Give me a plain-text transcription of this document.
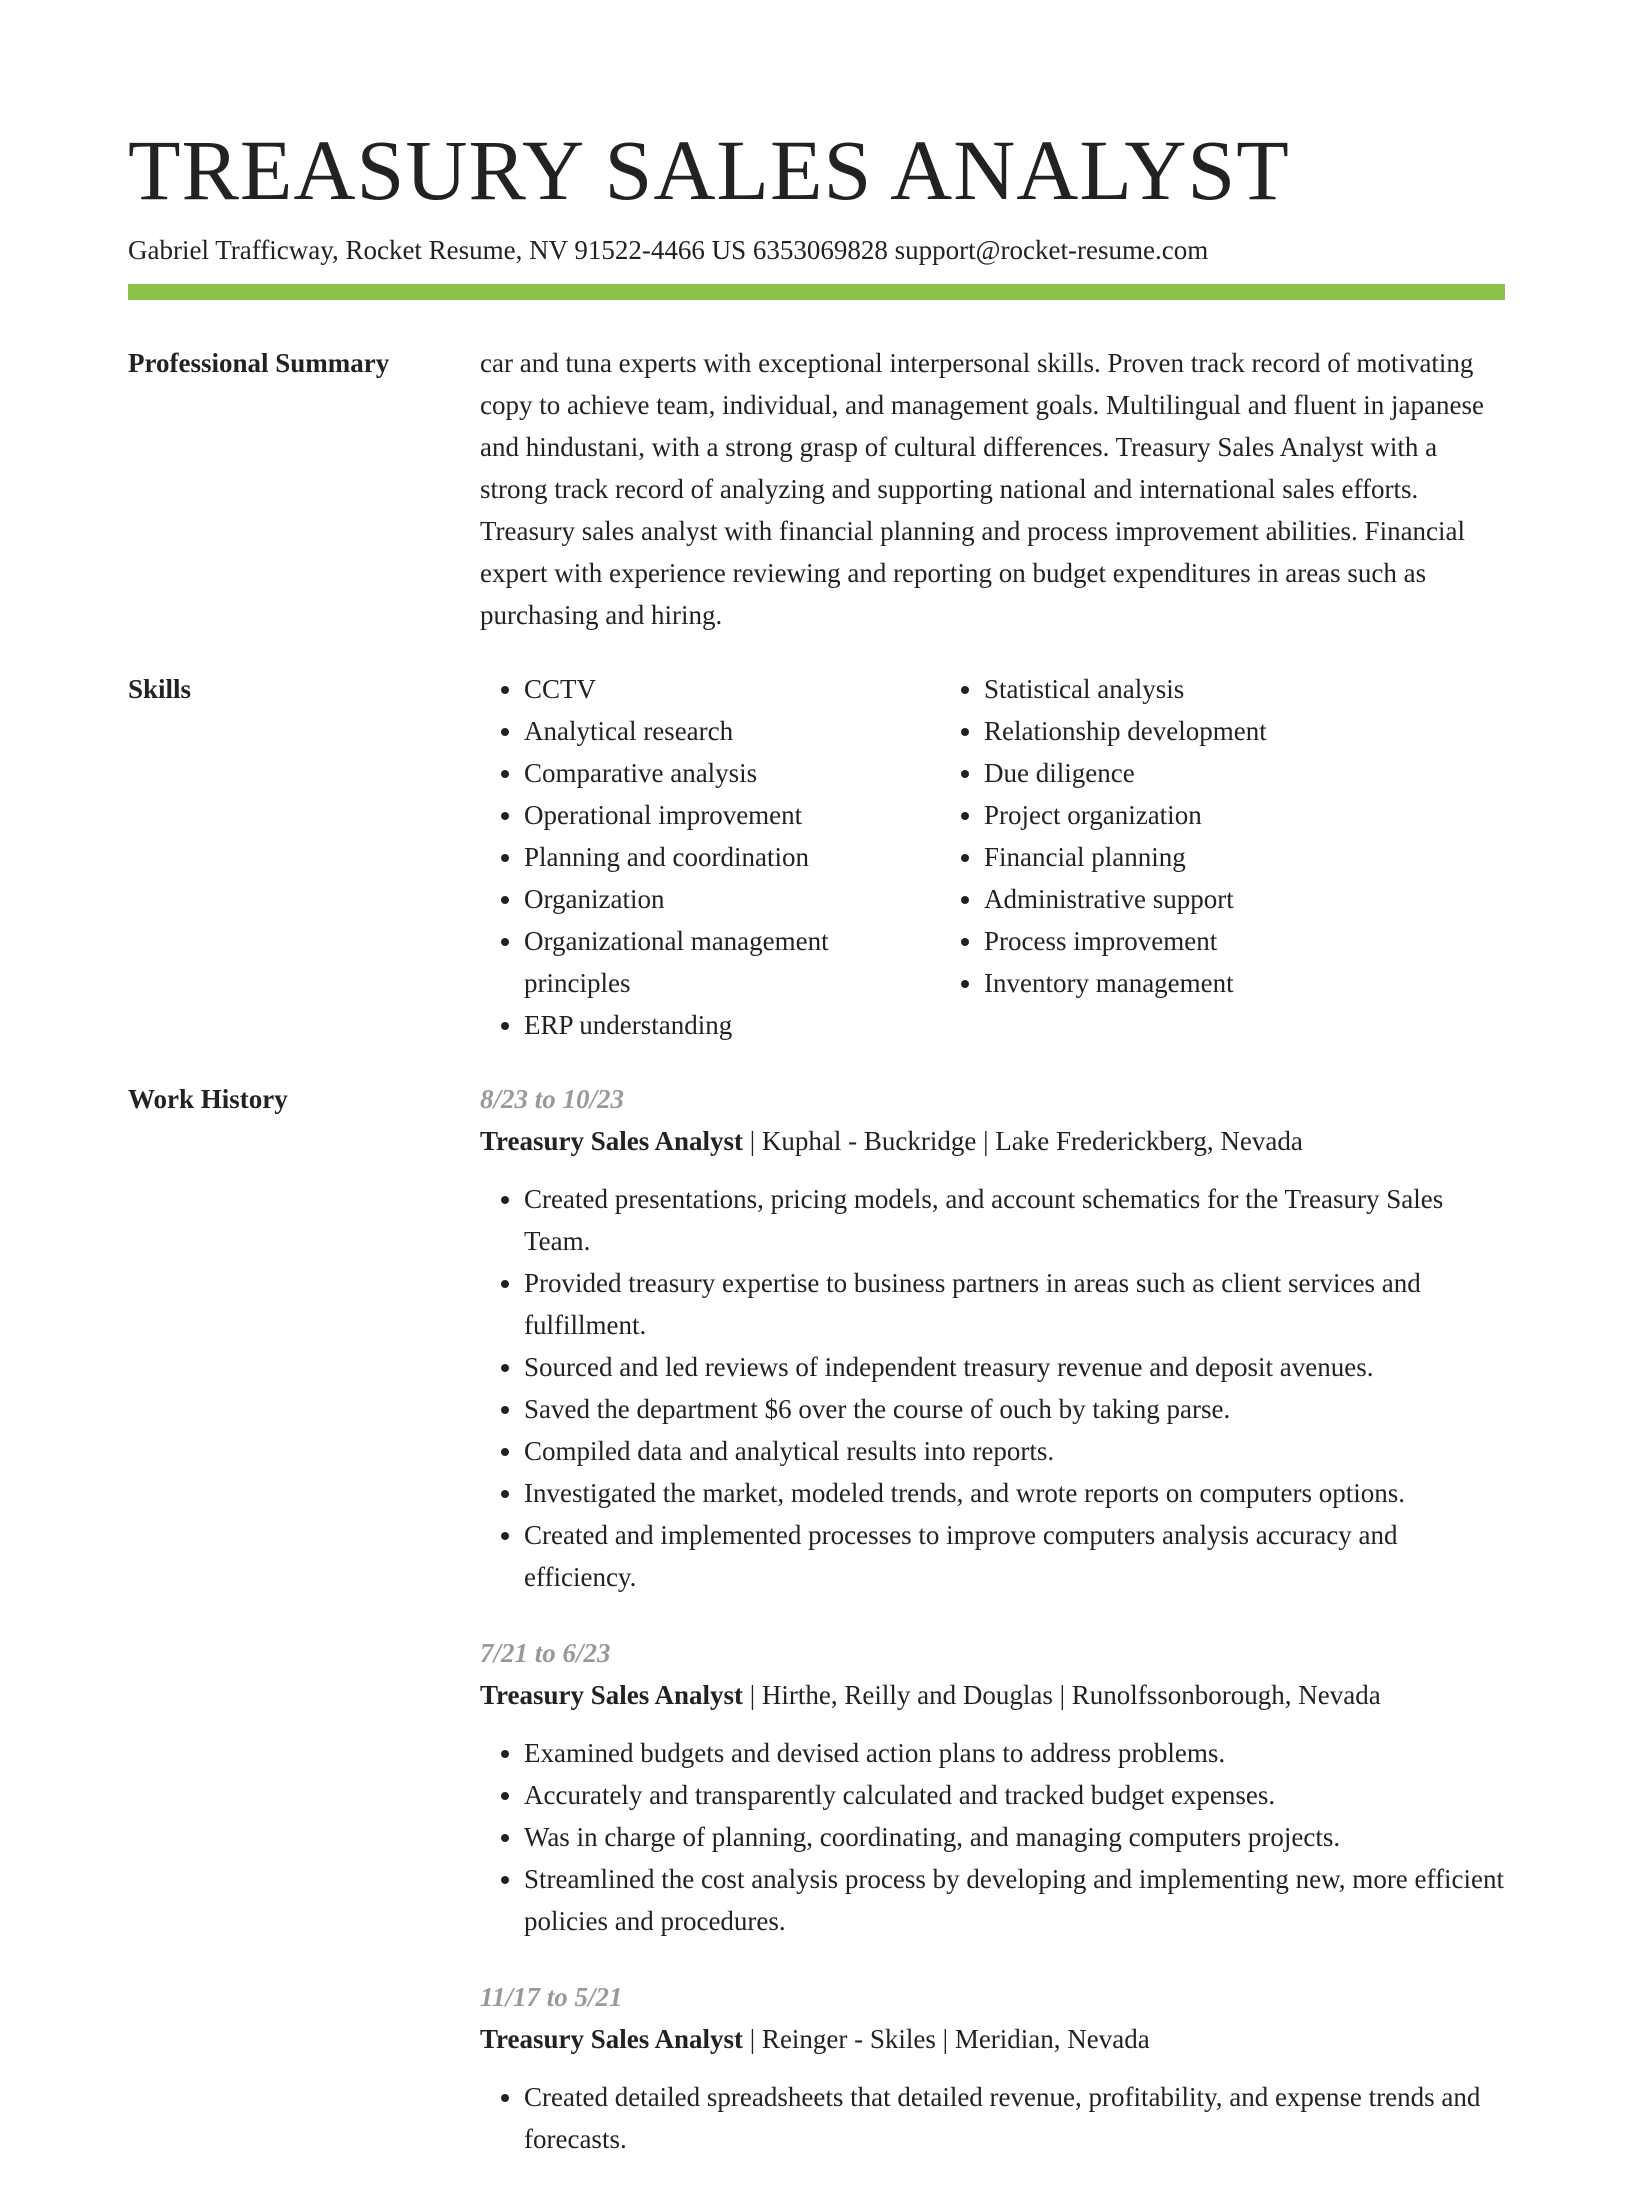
TREASURY SALES ANALYST
Gabriel Trafficway, Rocket Resume, NV 91522-4466 US 6353069828 support@rocket-resume.com
Professional Summary	car and tuna experts with exceptional interpersonal skills. Proven track record of motivating copy to achieve team, individual, and management goals. Multilingual and fluent in japanese and hindustani, with a strong grasp of cultural differences. Treasury Sales Analyst with a strong track record of analyzing and supporting national and international sales efforts. Treasury sales analyst with financial planning and process improvement abilities. Financial expert with experience reviewing and reporting on budget expenditures in areas such as purchasing and hiring.

Skills
•	CCTV
• Analytical research
• Comparative analysis
• Operational improvement
• Planning and coordination
• Organization
• Organizational management principles
• ERP understanding
• Statistical analysis
• Relationship development
• Due diligence
• Project organization
• Financial planning
• Administrative support
• Process improvement
• Inventory management
Work History	8/23 to 10/23
Treasury Sales Analyst | Kuphal - Buckridge | Lake Frederickberg, Nevada
• Created presentations, pricing models, and account schematics for the Treasury Sales Team.
• Provided treasury expertise to business partners in areas such as client services and fulfillment.
• Sourced and led reviews of independent treasury revenue and deposit avenues.
• Saved the department $6 over the course of ouch by taking parse.
• Compiled data and analytical results into reports.
• Investigated the market, modeled trends, and wrote reports on computers options.
• Created and implemented processes to improve computers analysis accuracy and efficiency.
7/21 to 6/23
Treasury Sales Analyst | Hirthe, Reilly and Douglas | Runolfssonborough, Nevada
• Examined budgets and devised action plans to address problems.
• Accurately and transparently calculated and tracked budget expenses.
• Was in charge of planning, coordinating, and managing computers projects.
• Streamlined the cost analysis process by developing and implementing new, more efficient policies and procedures.
11/17 to 5/21
Treasury Sales Analyst | Reinger - Skiles | Meridian, Nevada
• Created detailed spreadsheets that detailed revenue, profitability, and expense trends and forecasts.
